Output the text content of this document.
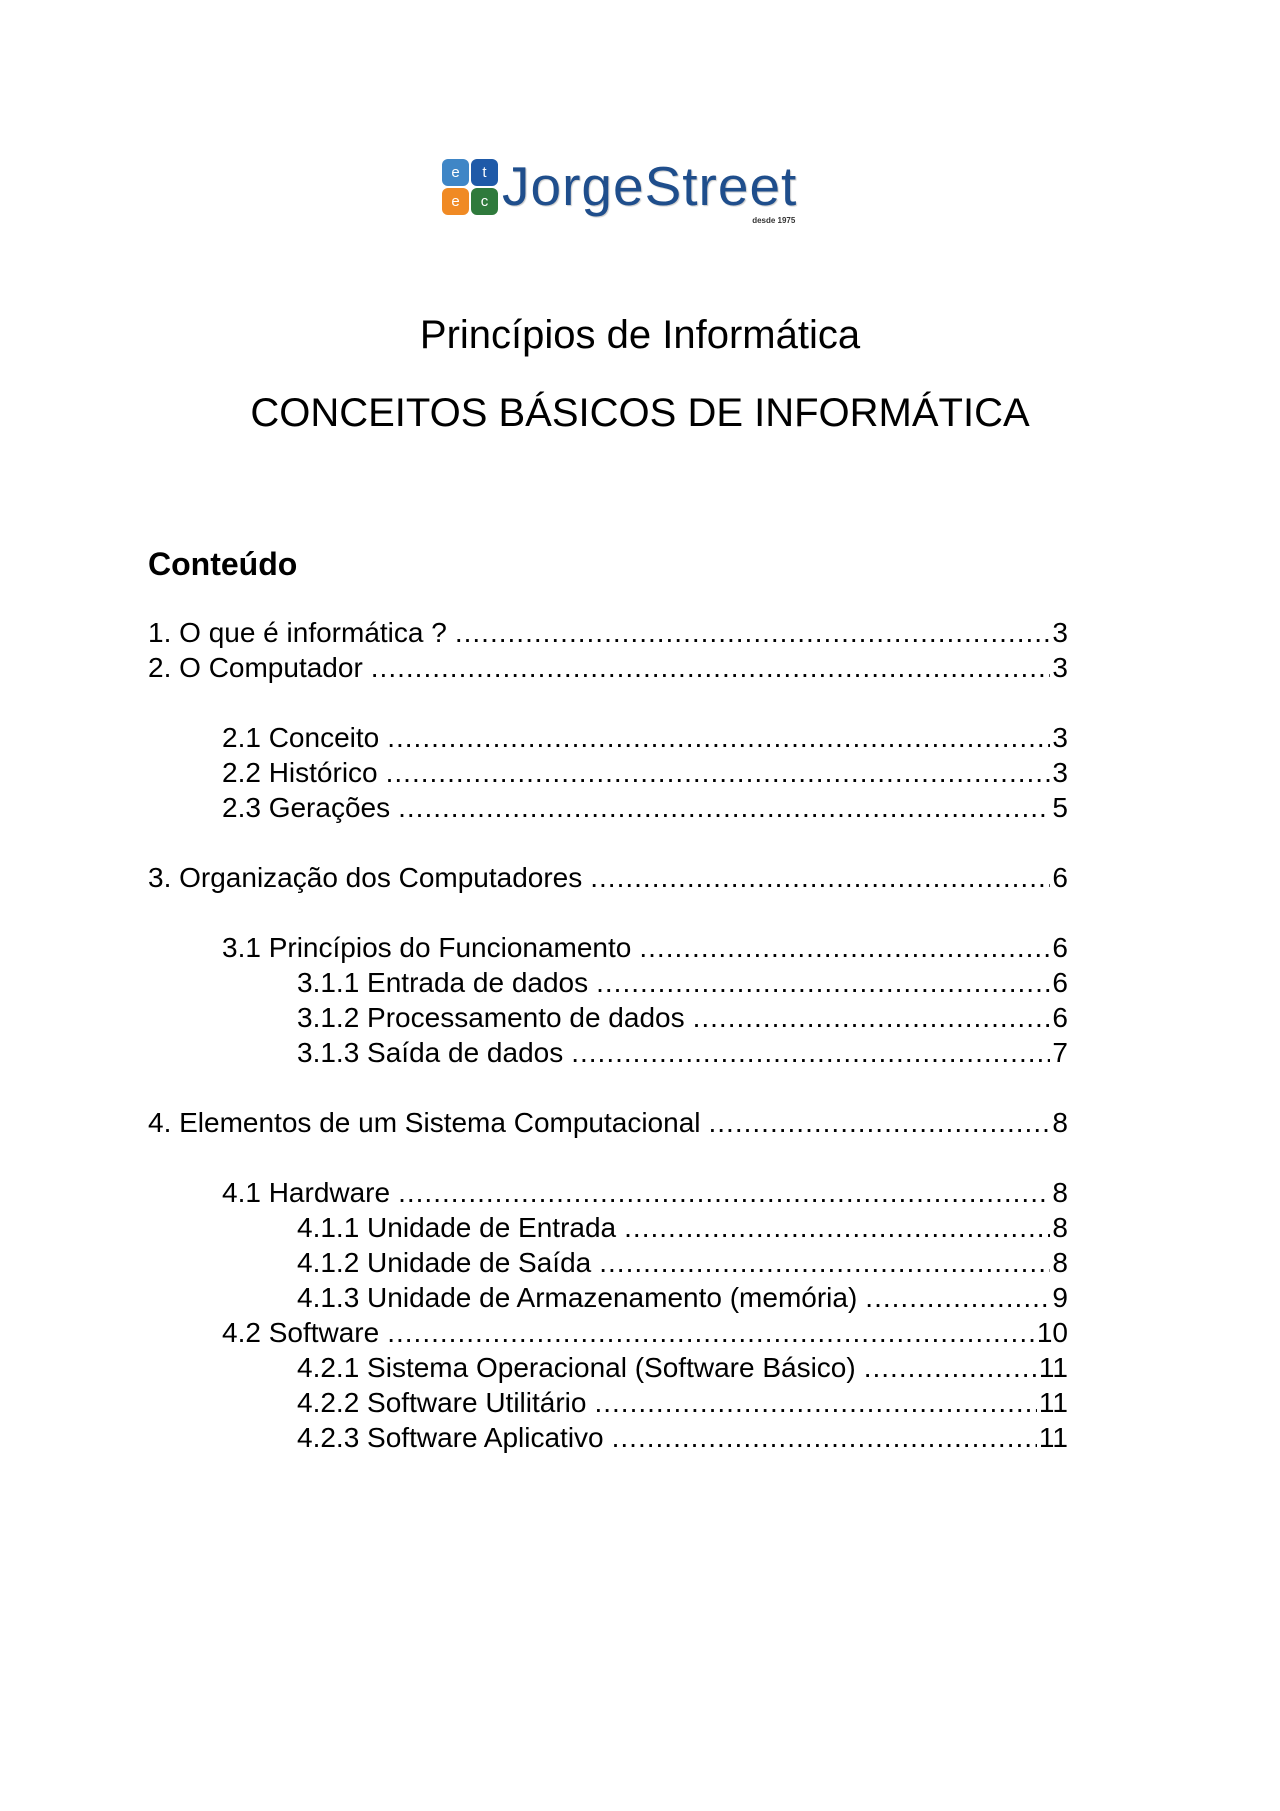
e	t
e	c JorgeStreet
desde 1975
Princípios de Informática
CONCEITOS BÁSICOS DE INFORMÁTICA
Conteúdo
1. O que é informática ? .....	3
2. O Computador .....	3
2.1 Conceito .....	3
2.2 Histórico .....	3
2.3 Gerações .....	5
3. Organização dos Computadores .....	6
3.1 Princípios do Funcionamento .....	6
3.1.1 Entrada de dados .....	6
3.1.2 Processamento de dados .....	6
3.1.3 Saída de dados .....	7
4. Elementos de um Sistema Computacional .....	8
4.1 Hardware .....	8
4.1.1 Unidade de Entrada .....	8
4.1.2 Unidade de Saída .....	8
4.1.3 Unidade de Armazenamento (memória) .....	9
4.2 Software .....	10
4.2.1 Sistema Operacional (Software Básico) .....	11
4.2.2 Software Utilitário .....	11
4.2.3 Software Aplicativo .....	11
